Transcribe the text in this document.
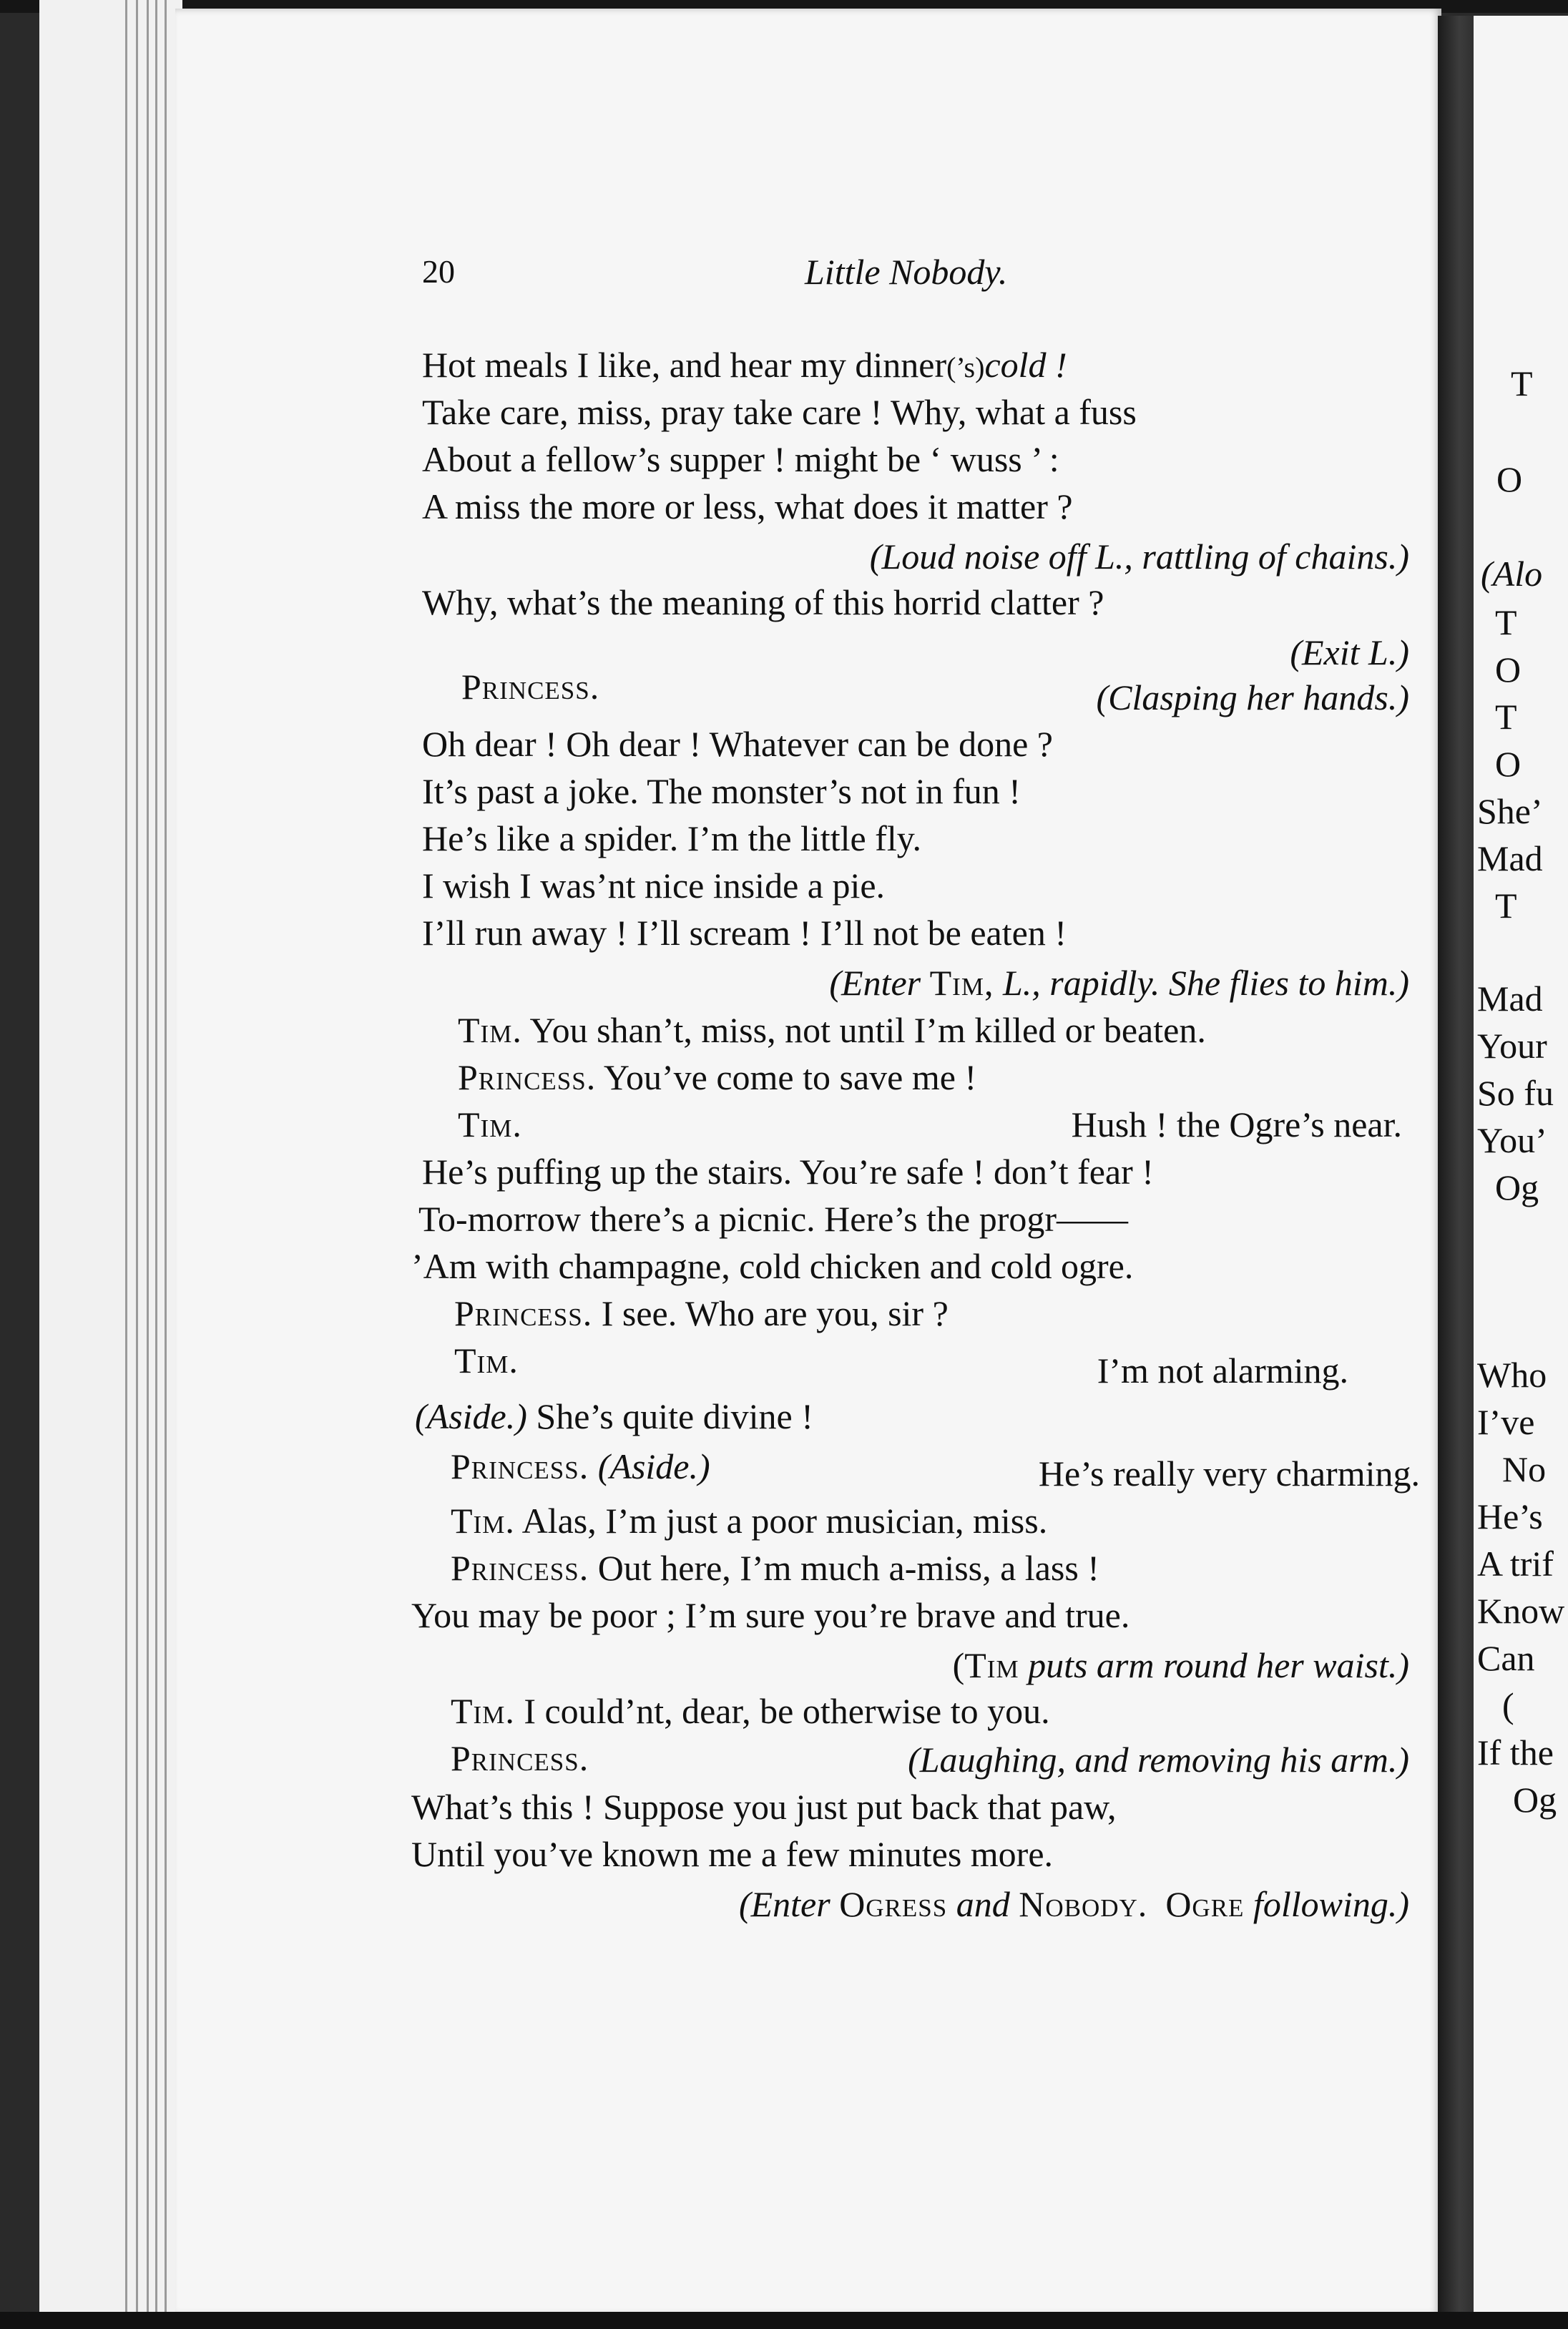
20	Little Nobody.
Hot meals I like, and hear my dinner(’s)cold !
Take care, miss, pray take care ! Why, what a fuss
About a fellow’s supper ! might be ‘ wuss ’ :
A miss the more or less, what does it matter ?
(Loud noise off L., rattling of chains.)
Why, what’s the meaning of this horrid clatter ?
(Exit L.)
Princess.	(Clasping her hands.)
Oh dear ! Oh dear ! Whatever can be done ?
It’s past a joke. The monster’s not in fun !
He’s like a spider. I’m the little fly.
I wish I was’nt nice inside a pie.
I’ll run away ! I’ll scream ! I’ll not be eaten !
(Enter Tim, L., rapidly. She flies to him.)
Tim. You shan’t, miss, not until I’m killed or beaten.
Princess. You’ve come to save me !
Tim.	Hush ! the Ogre’s near.
He’s puffing up the stairs. You’re safe ! don’t fear !
To-morrow there’s a picnic. Here’s the progr——
’Am with champagne, cold chicken and cold ogre.
Princess. I see. Who are you, sir ?
Tim.	I’m not alarming.
(Aside.) She’s quite divine !
Princess. (Aside.)	He’s really very charming.
Tim. Alas, I’m just a poor musician, miss.
Princess. Out here, I’m much a-miss, a lass !
You may be poor ; I’m sure you’re brave and true.
(Tim puts arm round her waist.)
Tim. I could’nt, dear, be otherwise to you.
Princess.	(Laughing, and removing his arm.)
What’s this ! Suppose you just put back that paw,
Until you’ve known me a few minutes more.
(Enter Ogress and Nobody. Ogre following.)
T
O
(Alo
T
O
T
O
She’
Mad
T
Mad
Your
So fu
You’
Og
Who
I’ve
No
He’s
A trif
Know
Can
(
If the
Og
